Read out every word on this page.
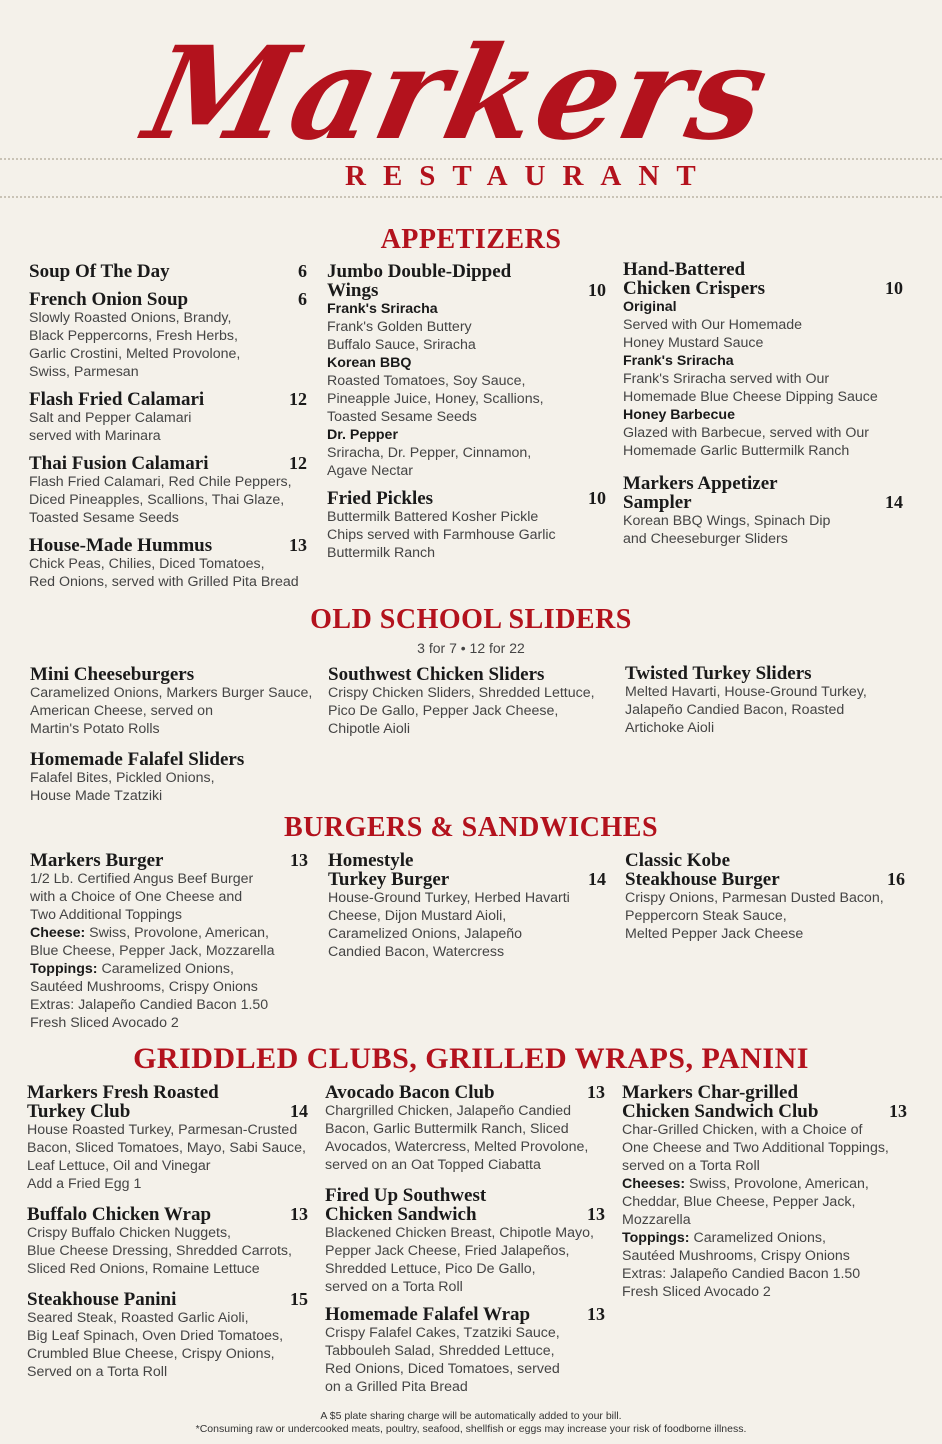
Markers
RESTAURANT
APPETIZERS
Soup Of The Day	6
French Onion Soup	6
Slowly Roasted Onions, Brandy,
Black Peppercorns, Fresh Herbs,
Garlic Crostini, Melted Provolone,
Swiss, Parmesan
Flash Fried Calamari	12
Salt and Pepper Calamari
served with Marinara
Thai Fusion Calamari	12
Flash Fried Calamari, Red Chile Peppers,
Diced Pineapples, Scallions, Thai Glaze,
Toasted Sesame Seeds
House-Made Hummus	13
Chick Peas, Chilies, Diced Tomatoes,
Red Onions, served with Grilled Pita Bread
Jumbo Double-Dipped
Wings	10
Frank's Sriracha
Frank's Golden Buttery
Buffalo Sauce, Sriracha
Korean BBQ
Roasted Tomatoes, Soy Sauce,
Pineapple Juice, Honey, Scallions,
Toasted Sesame Seeds
Dr. Pepper
Sriracha, Dr. Pepper, Cinnamon,
Agave Nectar
Fried Pickles	10
Buttermilk Battered Kosher Pickle
Chips served with Farmhouse Garlic
Buttermilk Ranch
Hand-Battered
Chicken Crispers	10
Original
Served with Our Homemade
Honey Mustard Sauce
Frank's Sriracha
Frank's Sriracha served with Our
Homemade Blue Cheese Dipping Sauce
Honey Barbecue
Glazed with Barbecue, served with Our
Homemade Garlic Buttermilk Ranch
Markers Appetizer
Sampler	14
Korean BBQ Wings, Spinach Dip
and Cheeseburger Sliders
OLD SCHOOL SLIDERS
3 for 7 • 12 for 22
Mini Cheeseburgers
Caramelized Onions, Markers Burger Sauce,
American Cheese, served on
Martin's Potato Rolls
Homemade Falafel Sliders
Falafel Bites, Pickled Onions,
House Made Tzatziki
Southwest Chicken Sliders
Crispy Chicken Sliders, Shredded Lettuce,
Pico De Gallo, Pepper Jack Cheese,
Chipotle Aioli
Twisted Turkey Sliders
Melted Havarti, House-Ground Turkey,
Jalapeño Candied Bacon, Roasted
Artichoke Aioli
BURGERS & SANDWICHES
Markers Burger	13
1/2 Lb. Certified Angus Beef Burger
with a Choice of One Cheese and
Two Additional Toppings
Cheese: Swiss, Provolone, American,
Blue Cheese, Pepper Jack, Mozzarella
Toppings: Caramelized Onions,
Sautéed Mushrooms, Crispy Onions
Extras: Jalapeño Candied Bacon 1.50
Fresh Sliced Avocado 2
Homestyle
Turkey Burger	14
House-Ground Turkey, Herbed Havarti
Cheese, Dijon Mustard Aioli,
Caramelized Onions, Jalapeño
Candied Bacon, Watercress
Classic Kobe
Steakhouse Burger	16
Crispy Onions, Parmesan Dusted Bacon,
Peppercorn Steak Sauce,
Melted Pepper Jack Cheese
GRIDDLED CLUBS, GRILLED WRAPS, PANINI
Markers Fresh Roasted
Turkey Club	14
House Roasted Turkey, Parmesan-Crusted
Bacon, Sliced Tomatoes, Mayo, Sabi Sauce,
Leaf Lettuce, Oil and Vinegar
Add a Fried Egg 1
Buffalo Chicken Wrap	13
Crispy Buffalo Chicken Nuggets,
Blue Cheese Dressing, Shredded Carrots,
Sliced Red Onions, Romaine Lettuce
Steakhouse Panini	15
Seared Steak, Roasted Garlic Aioli,
Big Leaf Spinach, Oven Dried Tomatoes,
Crumbled Blue Cheese, Crispy Onions,
Served on a Torta Roll
Avocado Bacon Club	13
Chargrilled Chicken, Jalapeño Candied
Bacon, Garlic Buttermilk Ranch, Sliced
Avocados, Watercress, Melted Provolone,
served on an Oat Topped Ciabatta
Fired Up Southwest
Chicken Sandwich	13
Blackened Chicken Breast, Chipotle Mayo,
Pepper Jack Cheese, Fried Jalapeños,
Shredded Lettuce, Pico De Gallo,
served on a Torta Roll
Homemade Falafel Wrap	13
Crispy Falafel Cakes, Tzatziki Sauce,
Tabbouleh Salad, Shredded Lettuce,
Red Onions, Diced Tomatoes, served
on a Grilled Pita Bread
Markers Char-grilled
Chicken Sandwich Club	13
Char-Grilled Chicken, with a Choice of
One Cheese and Two Additional Toppings,
served on a Torta Roll
Cheeses: Swiss, Provolone, American,
Cheddar, Blue Cheese, Pepper Jack,
Mozzarella
Toppings: Caramelized Onions,
Sautéed Mushrooms, Crispy Onions
Extras: Jalapeño Candied Bacon 1.50
Fresh Sliced Avocado 2
A $5 plate sharing charge will be automatically added to your bill.
*Consuming raw or undercooked meats, poultry, seafood, shellfish or eggs may increase your risk of foodborne illness.
